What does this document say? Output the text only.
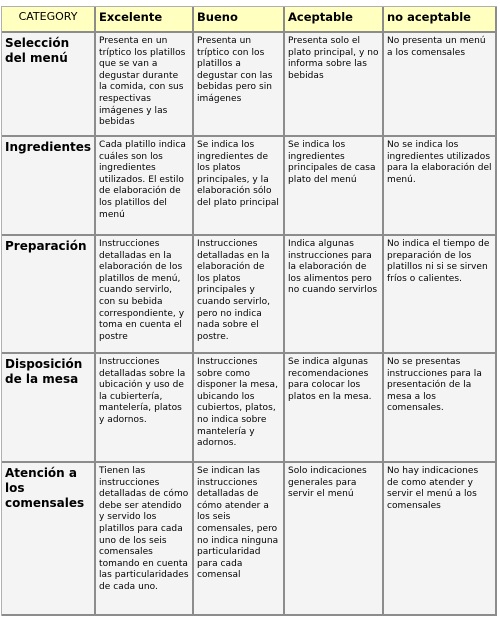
CATEGORY	Excelente	Bueno	Aceptable	no aceptable
Selección del menú	Presenta en un tríptico los platillos que se van a degustar durante la comida, con sus respectivas imágenes y las bebidas	Presenta un tríptico con los platillos a degustar con las bebidas pero sin imágenes	Presenta solo el plato principal, y no informa sobre las bebidas	No presenta un menú a los comensales
Ingredientes	Cada platillo indica cuáles son los ingredientes utilizados. El estilo de elaboración de los platillos del menú	Se indica los ingredientes de los platos principales, y la elaboración sólo del plato principal	Se indica los ingredientes principales de casa plato del menú	No se indica los ingredientes utilizados para la elaboración del menú.
Preparación	Instrucciones detalladas en la elaboración de los platillos de menú, cuando servirlo, con su bebida correspondiente, y toma en cuenta el postre	Instrucciones detalladas en la elaboración de los platos principales y cuando servirlo, pero no indica nada sobre el postre.	Indica algunas instrucciones para la elaboración de los alimentos pero no cuando servirlos	No indica el tiempo de preparación de los platillos ni si se sirven fríos o calientes.
Disposición de la mesa	Instrucciones detalladas sobre la ubicación y uso de la cubiertería, mantelería, platos y adornos.	Instrucciones sobre como disponer la mesa, ubicando los cubiertos, platos, no indica sobre mantelería y adornos.	Se indica algunas recomendaciones para colocar los platos en la mesa.	No se presentas instrucciones para la presentación de la mesa a los comensales.
Atención a los comensales	Tienen las instrucciones detalladas de cómo debe ser atendido y servido los platillos para cada uno de los seis comensales tomando en cuenta las particularidades de cada uno.	Se indican las instrucciones detalladas de cómo atender a los seis comensales, pero no indica ninguna particularidad para cada comensal	Solo indicaciones generales para servir el menú	No hay indicaciones de como atender y servir el menú a los comensales
